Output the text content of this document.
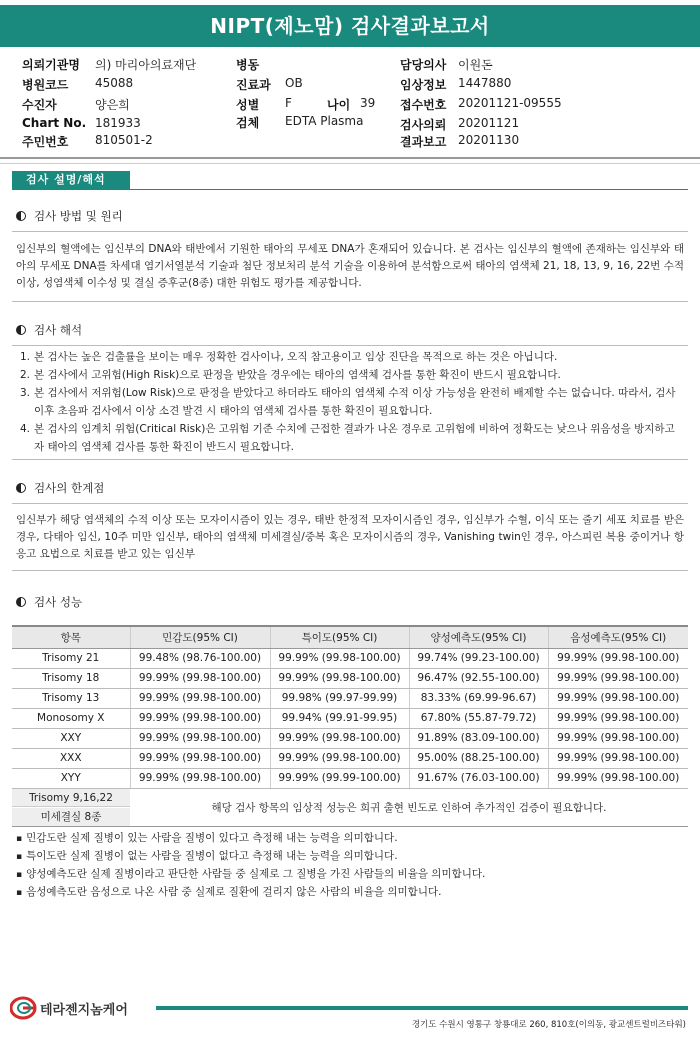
NIPT(제노맘) 검사결과보고서
의뢰기관명 의) 마리아의료재단
병원코드 45088
수진자	양은희
Chart No. 181933
주민번호 810501-2
병동
진료과 OB
성별 F	나이 39
검체 EDTA Plasma
담당의사 이원돈
임상정보 1447880
접수번호 20201121-09555
검사의뢰 20201121
결과보고 20201130
검사 설명/해석
검사 방법 및 원리

임신부의 혈액에는 임신부의 DNA와 태반에서 기원한 태아의 무세포 DNA가 혼재되어 있습니다. 본 검사는 임신부의 혈액에 존재하는 임신부와 태아의 무세포 DNA를 차세대 염기서열분석 기술과 첨단 정보처리 분석 기술을 이용하여 분석함으로써 태아의 염색체 21, 18, 13, 9, 16, 22번 수적 이상, 성염색체 이수성 및 결실 증후군(8종) 대한 위험도 평가를 제공합니다.

검사 해석
1. 본 검사는 높은 검출률을 보이는 매우 정확한 검사이나, 오직 참고용이고 임상 진단을 목적으로 하는 것은 아닙니다.
2. 본 검사에서 고위험(High Risk)으로 판정을 받았을 경우에는 태아의 염색체 검사를 통한 확진이 반드시 필요합니다.
3. 본 검사에서 저위험(Low Risk)으로 판정을 받았다고 하더라도 태아의 염색체 수적 이상 가능성을 완전히 배제할 수는 없습니다. 따라서, 검사 이후 초음파 검사에서 이상 소견 발견 시 태아의 염색체 검사를 통한 확진이 필요합니다.
4. 본 검사의 임계치 위험(Critical Risk)은 고위험 기준 수치에 근접한 결과가 나온 경우로 고위험에 비하여 정확도는 낮으나 위음성을 방지하고자 태아의 염색체 검사를 통한 확진이 반드시 필요합니다.
검사의 한계점

임신부가 해당 염색체의 수적 이상 또는 모자이시즘이 있는 경우, 태반 한정적 모자이시즘인 경우, 임신부가 수혈, 이식 또는 줄기 세포 치료를 받은 경우, 다태아 임신, 10주 미만 임신부, 태아의 염색체 미세결실/중복 혹은 모자이시즘의 경우, Vanishing twin인 경우, 아스피린 복용 중이거나 항 응고 요법으로 치료를 받고 있는 임신부

검사 성능
항목	민감도(95% CI)	특이도(95% CI)	양성예측도(95% CI)	음성예측도(95% CI)
Trisomy 21	99.48% (98.76-100.00)	99.99% (99.98-100.00)	99.74% (99.23-100.00)	99.99% (99.98-100.00)
Trisomy 18	99.99% (99.98-100.00)	99.99% (99.98-100.00)	96.47% (92.55-100.00)	99.99% (99.98-100.00)
Trisomy 13	99.99% (99.98-100.00)	99.98% (99.97-99.99)	83.33% (69.99-96.67)	99.99% (99.98-100.00)
Monosomy X	99.99% (99.98-100.00)	99.94% (99.91-99.95)	67.80% (55.87-79.72)	99.99% (99.98-100.00)
XXY	99.99% (99.98-100.00)	99.99% (99.98-100.00)	91.89% (83.09-100.00)	99.99% (99.98-100.00)
XXX	99.99% (99.98-100.00)	99.99% (99.98-100.00)	95.00% (88.25-100.00)	99.99% (99.98-100.00)
XYY	99.99% (99.98-100.00)	99.99% (99.99-100.00)	91.67% (76.03-100.00)	99.99% (99.98-100.00)
Trisomy 9,16,22
미세결실 8종
해당 검사 항목의 임상적 성능은 희귀 출현 빈도로 인하여 추가적인 검증이 필요합니다.
▪ 민감도란 실제 질병이 있는 사람을 질병이 있다고 측정해 내는 능력을 의미합니다.
▪ 특이도란 실제 질병이 없는 사람을 질병이 없다고 측정해 내는 능력을 의미합니다.
▪ 양성예측도란 실제 질병이라고 판단한 사람들 중 실제로 그 질병을 가진 사람들의 비율을 의미합니다.
▪ 음성예측도란 음성으로 나온 사람 중 실제로 질환에 걸리지 않은 사람의 비율을 의미합니다.
테라젠지놈케어
경기도 수원시 영통구 창룡대로 260, 810호(이의동, 광교센트럴비즈타워)
